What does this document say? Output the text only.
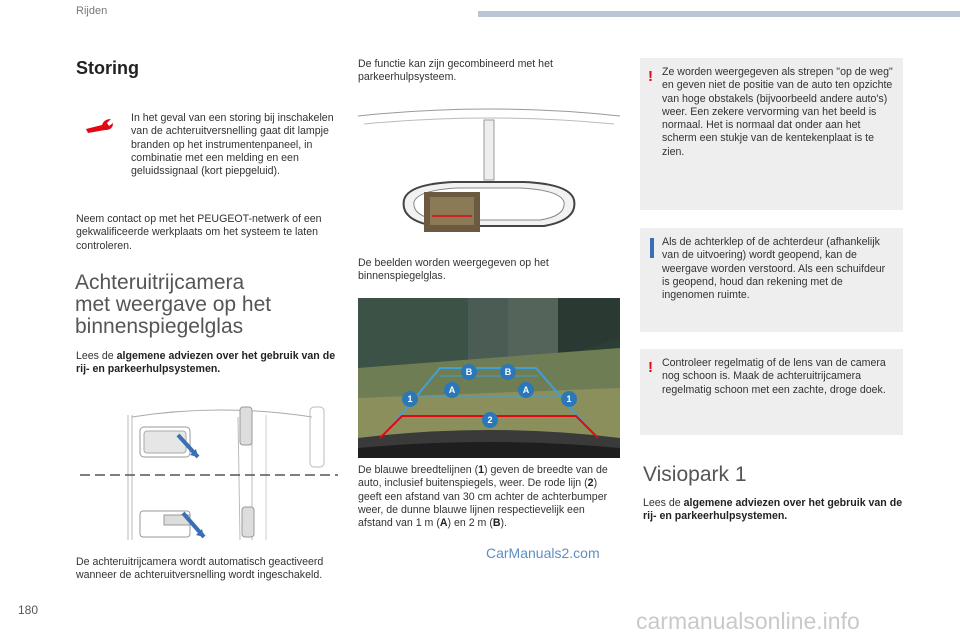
Rijden
Storing
In het geval van een storing bij inschakelen van de achteruitversnelling gaat dit lampje branden op het instrumentenpaneel, in combinatie met een melding en een geluidssignaal (kort piepgeluid).
Neem contact op met het PEUGEOT-netwerk of een gekwalificeerde werkplaats om het systeem te laten controleren.
Achteruitrijcamera
met weergave op het
binnenspiegelglas
Lees de algemene adviezen over het gebruik van de rij- en parkeerhulpsystemen.
De achteruitrijcamera wordt automatisch geactiveerd wanneer de achteruitversnelling wordt ingeschakeld.
De functie kan zijn gecombineerd met het parkeerhulpsysteem.
De beelden worden weergegeven op het binnenspiegelglas.
1	1
A	A
B	B
2
De blauwe breedtelijnen (1) geven de breedte van de auto, inclusief buitenspiegels, weer. De rode lijn (2) geeft een afstand van 30 cm achter de achterbumper weer, de dunne blauwe lijnen respectievelijk een afstand van 1 m (A) en 2 m (B).
! Ze worden weergegeven als strepen "op de weg" en geven niet de positie van de auto ten opzichte van hoge obstakels (bijvoorbeeld andere auto's) weer. Een zekere vervorming van het beeld is normaal. Het is normaal dat onder aan het scherm een stukje van de kentekenplaat is te zien.
Als de achterklep of de achterdeur (afhankelijk van de uitvoering) wordt geopend, kan de weergave worden verstoord. Als een schuifdeur is geopend, houd dan rekening met de ingenomen ruimte.
! Controleer regelmatig of de lens van de camera nog schoon is. Maak de achteruitrijcamera regelmatig schoon met een zachte, droge doek.
Visiopark 1
Lees de algemene adviezen over het gebruik van de rij- en parkeerhulpsystemen.
180
CarManuals2.com
carmanualsonline.info
